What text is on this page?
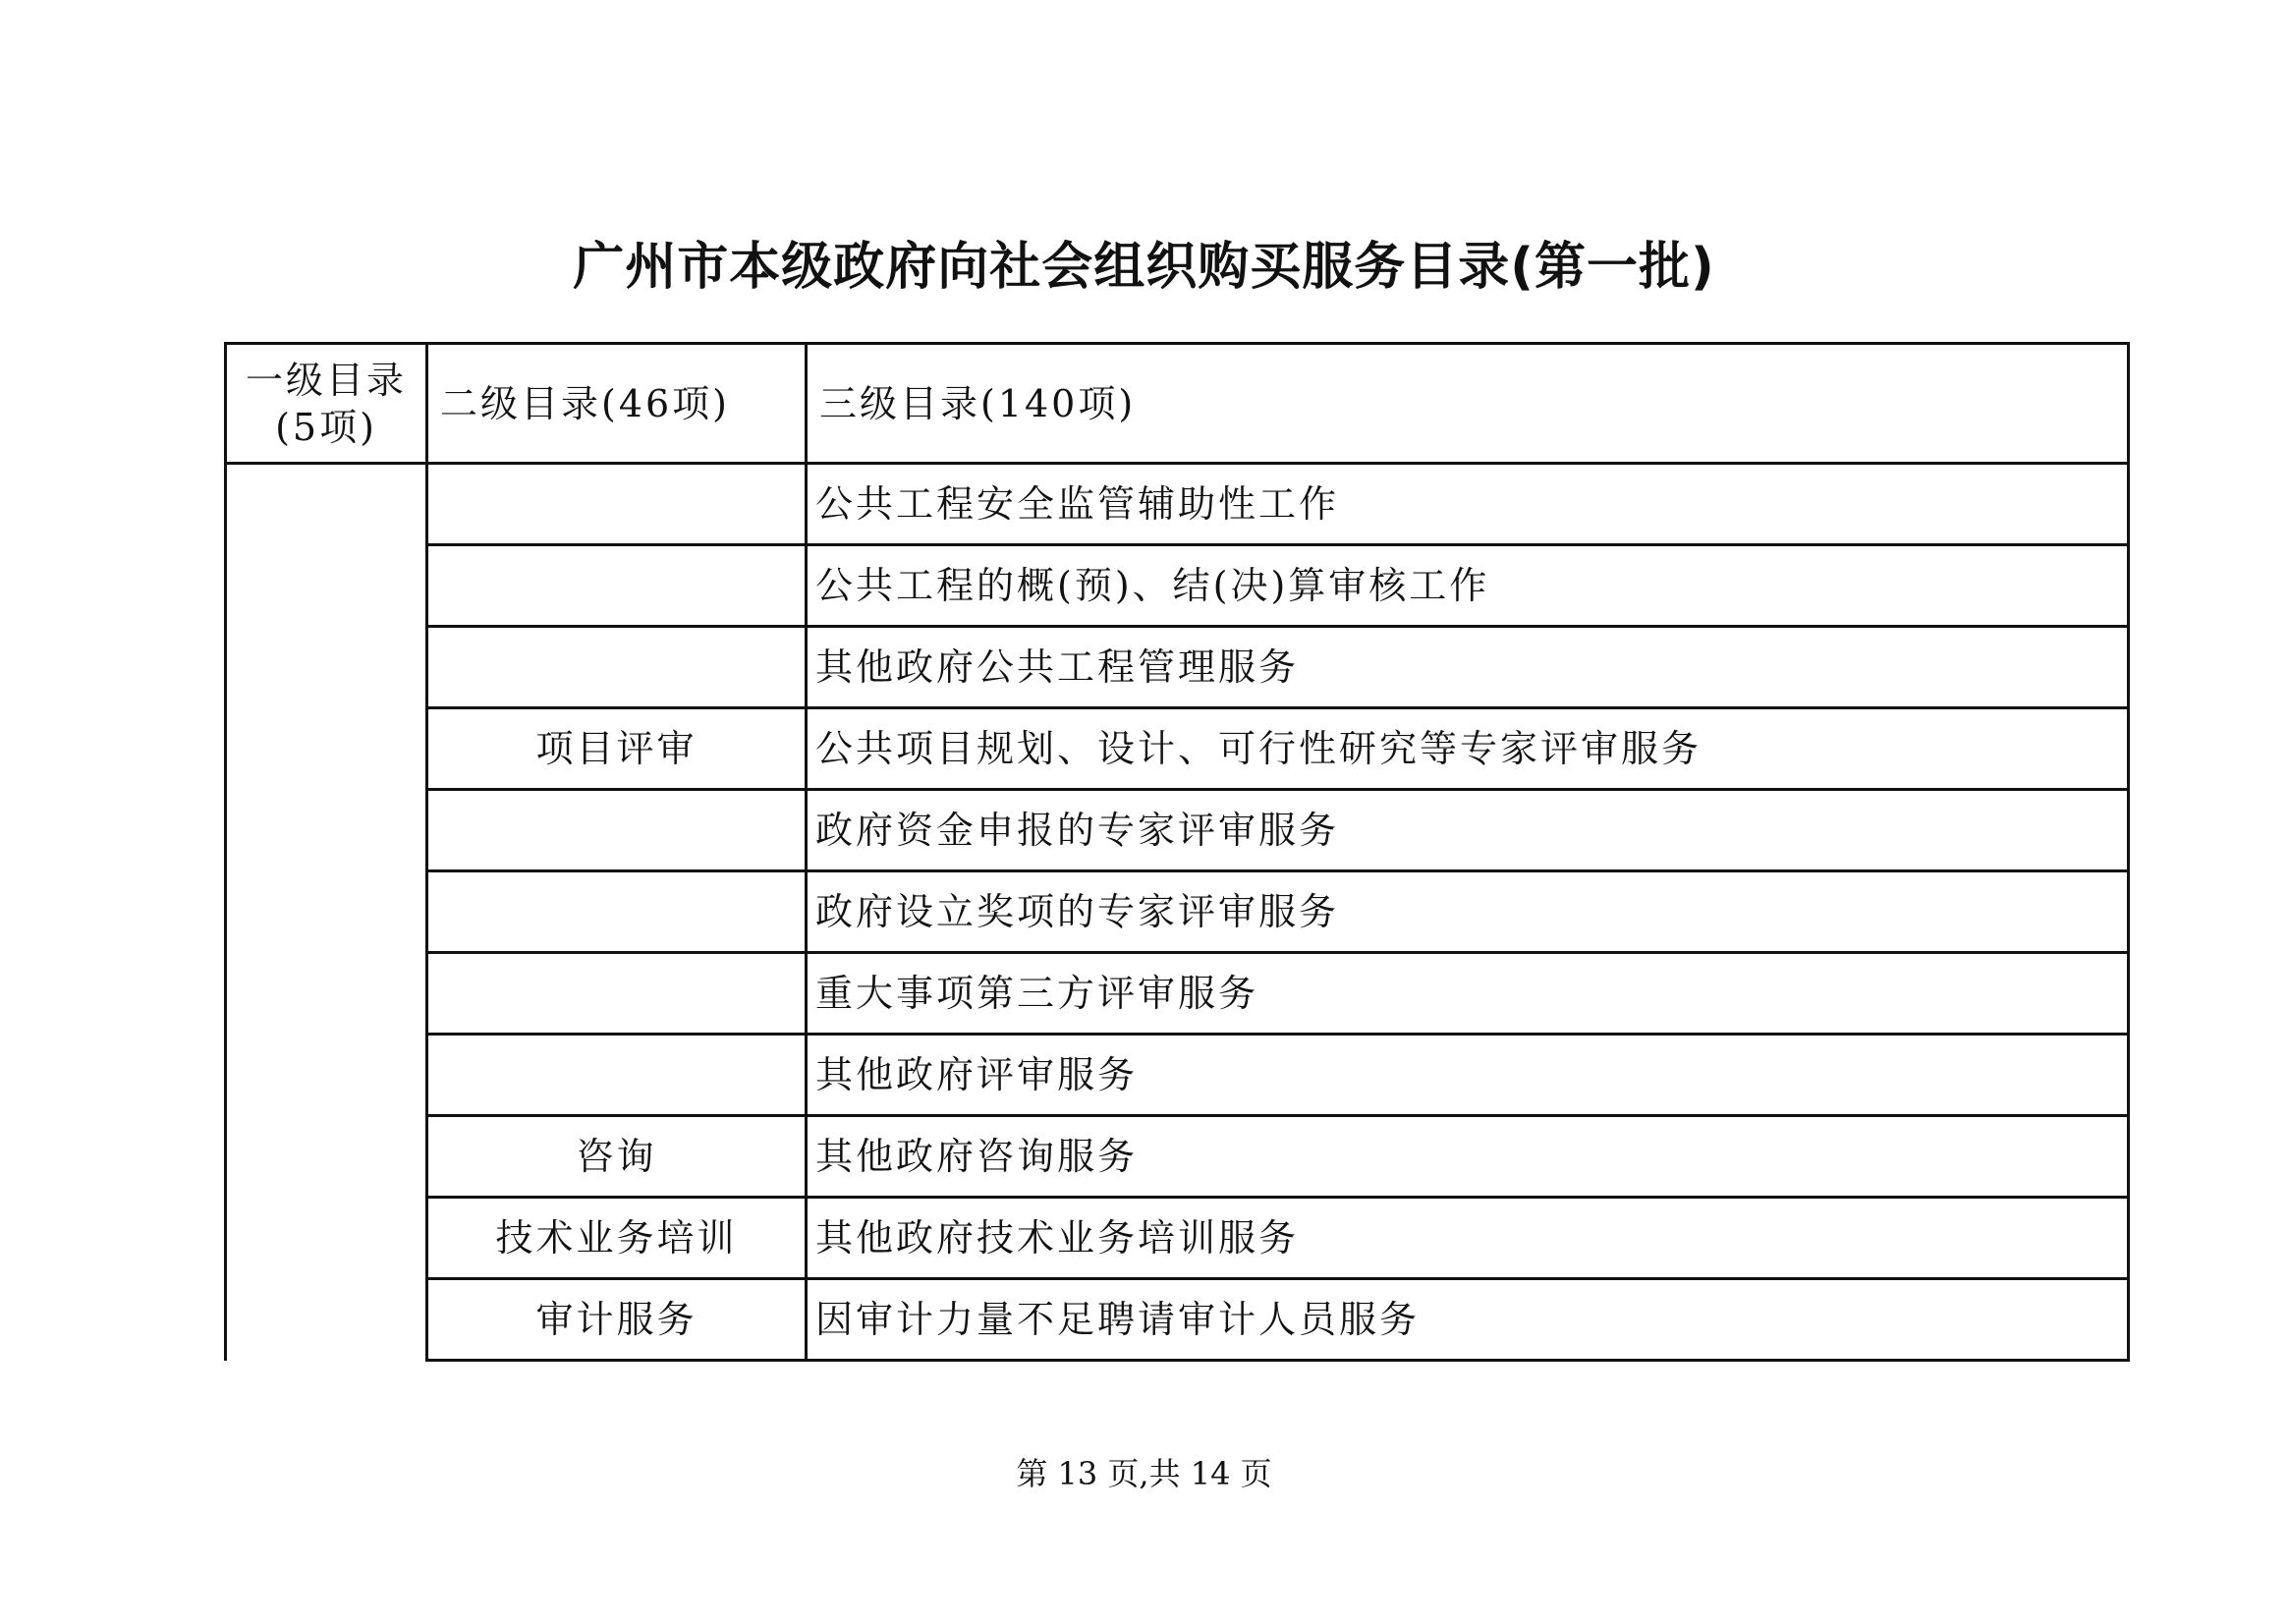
广州市本级政府向社会组织购买服务目录(第一批)
一级目录
(5项)	二级目录(46项)	三级目录(140项)
		公共工程安全监管辅助性工作
		公共工程的概(预)、结(决)算审核工作
		其他政府公共工程管理服务
	项目评审	公共项目规划、设计、可行性研究等专家评审服务
		政府资金申报的专家评审服务
		政府设立奖项的专家评审服务
		重大事项第三方评审服务
		其他政府评审服务
	咨询	其他政府咨询服务
	技术业务培训	其他政府技术业务培训服务
	审计服务	因审计力量不足聘请审计人员服务
第 13 页,共 14 页
